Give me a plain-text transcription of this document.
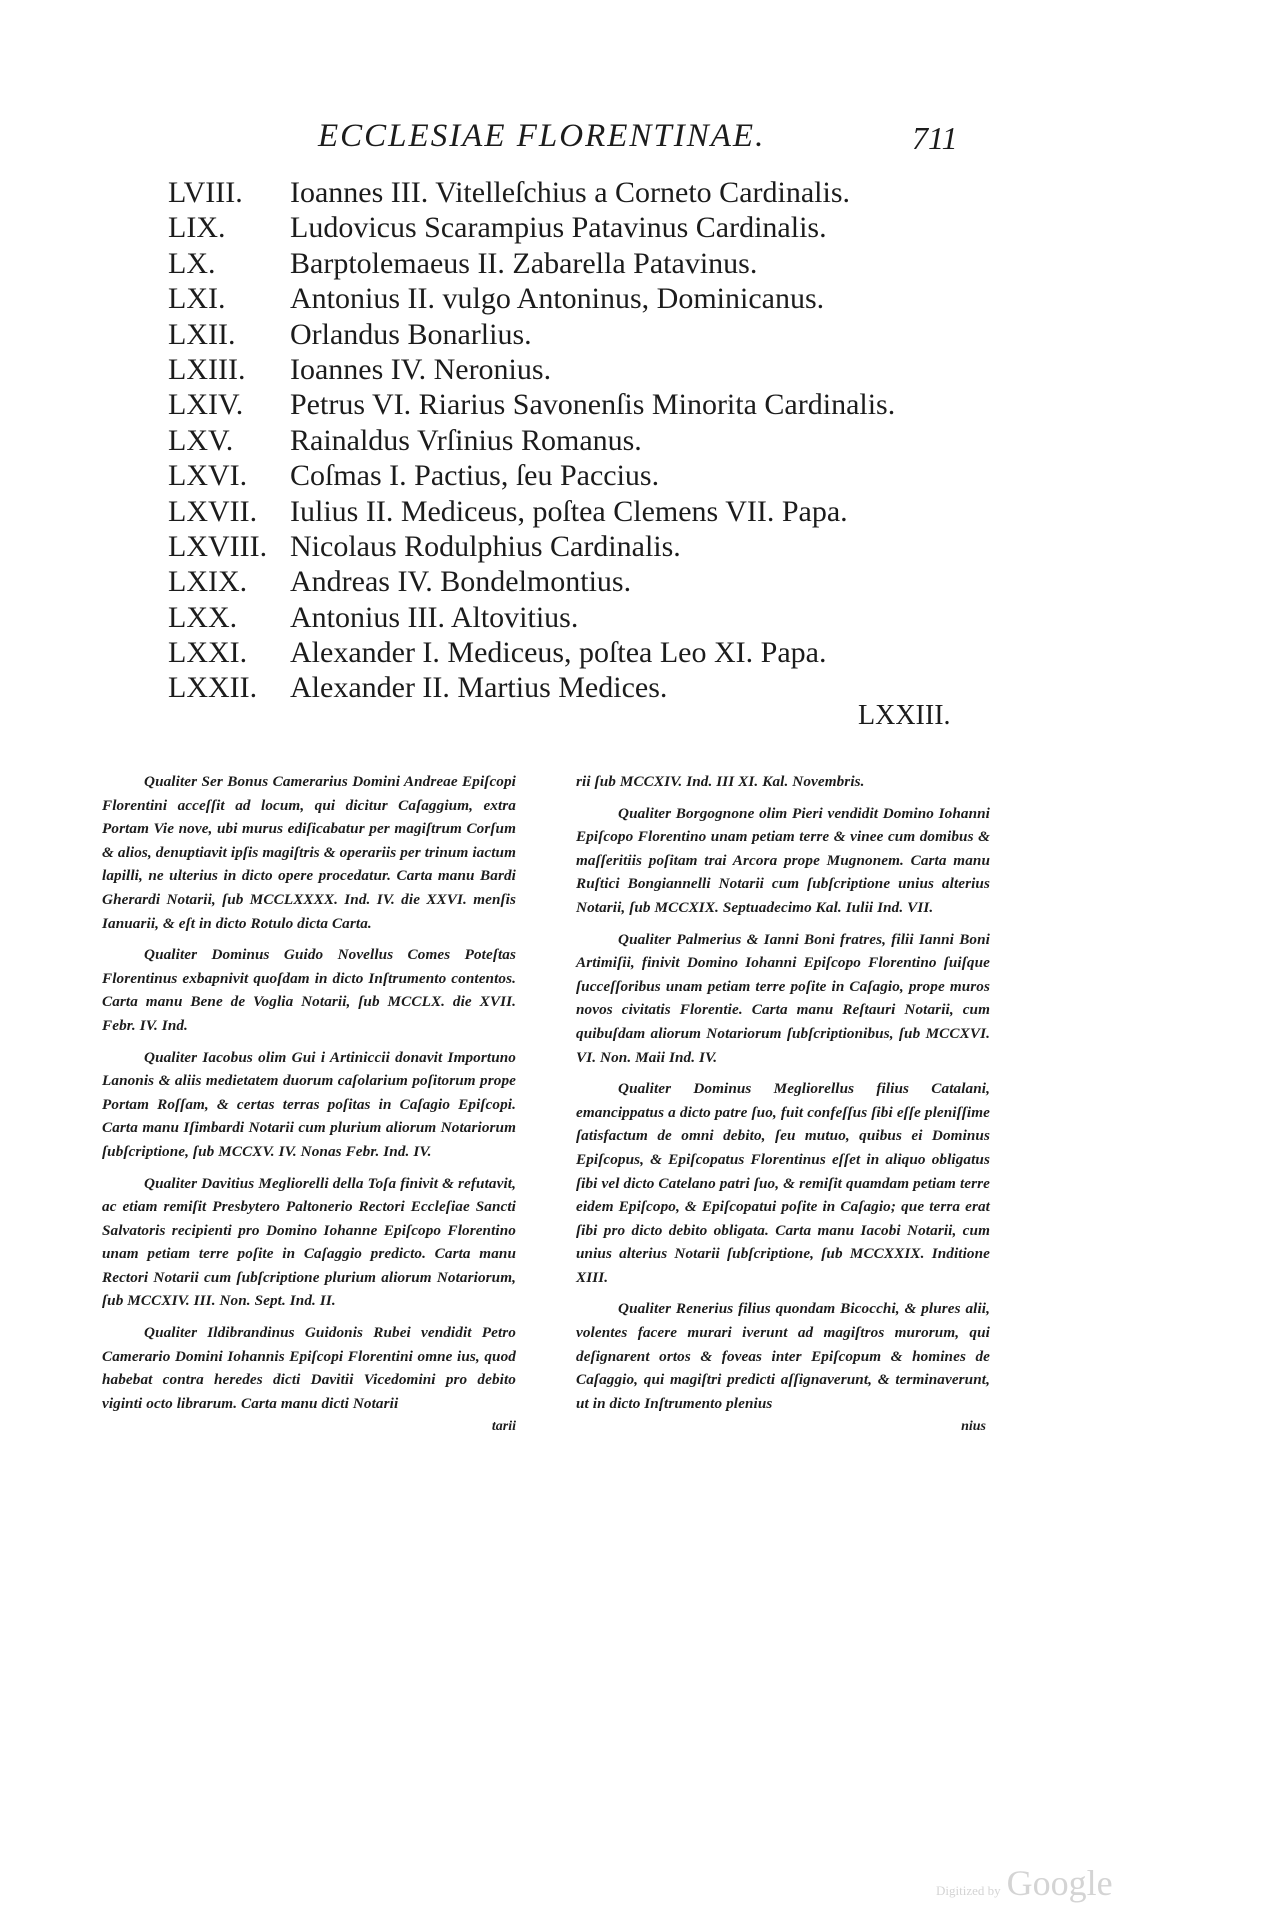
ECCLESIAE FLORENTINAE.	711
LVIII.	Ioannes III. Vitelleſchius a Corneto Cardinalis.
LIX.	Ludovicus Scarampius Patavinus Cardinalis.
LX.	Barptolemaeus II. Zabarella Patavinus.
LXI.	Antonius II. vulgo Antoninus, Dominicanus.
LXII.	Orlandus Bonarlius.
LXIII.	Ioannes IV. Neronius.
LXIV.	Petrus VI. Riarius Savonenſis Minorita Cardinalis.
LXV.	Rainaldus Vrſinius Romanus.
LXVI.	Coſmas I. Pactius, ſeu Paccius.
LXVII.	Iulius II. Mediceus, poſtea Clemens VII. Papa.
LXVIII. Nicolaus Rodulphius Cardinalis.
LXIX.	Andreas IV. Bondelmontius.
LXX.	Antonius III. Altovitius.
LXXI.	Alexander I. Mediceus, poſtea Leo XI. Papa.
LXXII.	Alexander II. Martius Medices.
LXXIII.

Qualiter Ser Bonus Camerarius Domini Andreae Epiſcopi Florentini acceſſit ad locum, qui dicitur Caſaggium, extra Portam Vie nove, ubi murus ediſicabatur per magiſtrum Corſum & alios, denuptiavit ipſis magiſtris & operariis per trinum iactum lapilli, ne ulterius in dicto opere procedatur. Carta manu Bardi Gherardi Notarii, ſub MCCLXXXX. Ind. IV. die XXVI. menſis Ianuarii, & eſt in dicto Rotulo dicta Carta.

Qualiter Dominus Guido Novellus Comes Poteſtas Florentinus exbapnivit quoſdam in dicto Inſtrumento contentos. Carta manu Bene de Voglia Notarii, ſub MCCLX. die XVII. Febr. IV. Ind.

Qualiter Iacobus olim Gui i Artiniccii donavit Importuno Lanonis & aliis medietatem duorum caſolarium poſitorum prope Portam Roſſam, & certas terras poſitas in Caſagio Epiſcopi. Carta manu Iſimbardi Notarii cum plurium aliorum Notariorum ſubſcriptione, ſub MCCXV. IV. Nonas Febr. Ind. IV.

Qualiter Davitius Megliorelli della Toſa finivit & refutavit, ac etiam remiſit Presbytero Paltonerio Rectori Eccleſiae Sancti Salvatoris recipienti pro Domino Iohanne Epiſcopo Florentino unam petiam terre poſite in Caſaggio predicto. Carta manu Rectori Notarii cum ſubſcriptione plurium aliorum Notariorum, ſub MCCXIV. III. Non. Sept. Ind. II.

Qualiter Ildibrandinus Guidonis Rubei vendidit Petro Camerario Domini Iohannis Epiſcopi Florentini omne ius, quod habebat contra heredes dicti Davitii Vicedomini pro debito viginti octo librarum. Carta manu dicti Notarii

tarii

rii ſub MCCXIV. Ind. III XI. Kal. Novembris.

Qualiter Borgognone olim Pieri vendidit Domino Iohanni Epiſcopo Florentino unam petiam terre & vinee cum domibus & maſſeritiis poſitam trai Arcora prope Mugnonem. Carta manu Ruſtici Bongiannelli Notarii cum ſubſcriptione unius alterius Notarii, ſub MCCXIX. Septuadecimo Kal. Iulii Ind. VII.

Qualiter Palmerius & Ianni Boni fratres, filii Ianni Boni Artimiſii, finivit Domino Iohanni Epiſcopo Florentino ſuiſque ſucceſſoribus unam petiam terre poſite in Caſagio, prope muros novos civitatis Florentie. Carta manu Reſtauri Notarii, cum quibuſdam aliorum Notariorum ſubſcriptionibus, ſub MCCXVI. VI. Non. Maii Ind. IV.

Qualiter Dominus Megliorellus filius Catalani, emancippatus a dicto patre ſuo, fuit confeſſus ſibi eſſe pleniſſime ſatisfactum de omni debito, ſeu mutuo, quibus ei Dominus Epiſcopus, & Epiſcopatus Florentinus eſſet in aliquo obligatus ſibi vel dicto Catelano patri ſuo, & remiſit quamdam petiam terre eidem Epiſcopo, & Epiſcopatui poſite in Caſagio; que terra erat ſibi pro dicto debito obligata. Carta manu Iacobi Notarii, cum unius alterius Notarii ſubſcriptione, ſub MCCXXIX. Inditione XIII.

Qualiter Renerius filius quondam Bicocchi, & plures alii, volentes facere murari iverunt ad magiſtros murorum, qui deſignarent ortos & foveas inter Epiſcopum & homines de Caſaggio, qui magiſtri predicti aſſignaverunt, & terminaverunt, ut in dicto Inſtrumento plenius

nius
Digitized by Google
